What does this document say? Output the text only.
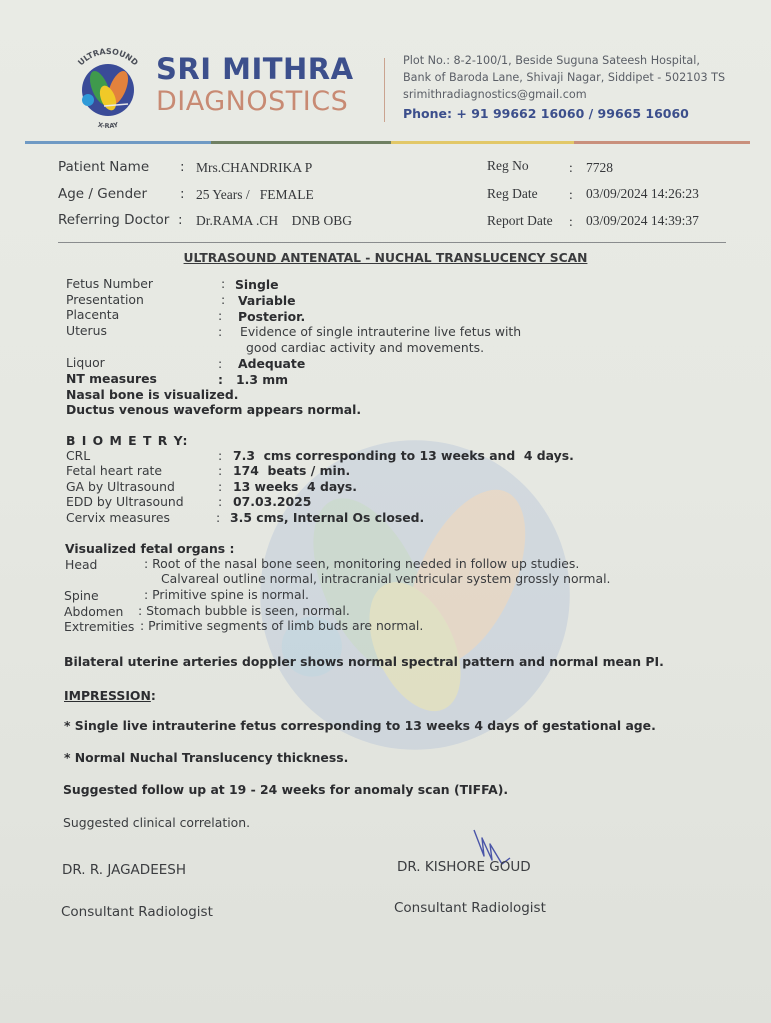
ULTRASOUND
X-RAY
SRI MITHRA
DIAGNOSTICS
Plot No.: 8-2-100/1, Beside Suguna Sateesh Hospital,
Bank of Baroda Lane, Shivaji Nagar, Siddipet - 502103 TS
srimithradiagnostics@gmail.com
Phone: + 91 99662 16060 / 99665 16060
Patient Name : Mrs.CHANDRIKA P
Age / Gender : 25 Years /   FEMALE
Referring Doctor : Dr.RAMA .CH    DNB OBG
Reg No	: 7728
Reg Date : 03/09/2024 14:26:23
Report Date : 03/09/2024 14:39:37
ULTRASOUND ANTENATAL - NUCHAL TRANSLUCENCY SCAN
Fetus Number	: Single
Presentation	: Variable
Placenta	: Posterior.
Uterus	: Evidence of single intrauterine live fetus with
good cardiac activity and movements.
Liquor	: Adequate
NT measures	: 1.3 mm
Nasal bone is visualized.
Ductus venous waveform appears normal.
B I O M E T R Y:
CRL	: 7.3  cms corresponding to 13 weeks and  4 days.
Fetal heart rate	: 174  beats / min.
GA by Ultrasound	: 13 weeks  4 days.
EDD by Ultrasound	: 07.03.2025
Cervix measures	: 3.5 cms, Internal Os closed.
Visualized fetal organs :
Head	: Root of the nasal bone seen, monitoring needed in follow up studies.
Calvareal outline normal, intracranial ventricular system grossly normal.
Spine	: Primitive spine is normal.
Abdomen : Stomach bubble is seen, normal.
Extremities : Primitive segments of limb buds are normal.
Bilateral uterine arteries doppler shows normal spectral pattern and normal mean PI.
IMPRESSION:
* Single live intrauterine fetus corresponding to 13 weeks 4 days of gestational age.
* Normal Nuchal Translucency thickness.
Suggested follow up at 19 - 24 weeks for anomaly scan (TIFFA).
Suggested clinical correlation.
DR. R. JAGADEESH
Consultant Radiologist
DR. KISHORE GOUD
Consultant Radiologist
